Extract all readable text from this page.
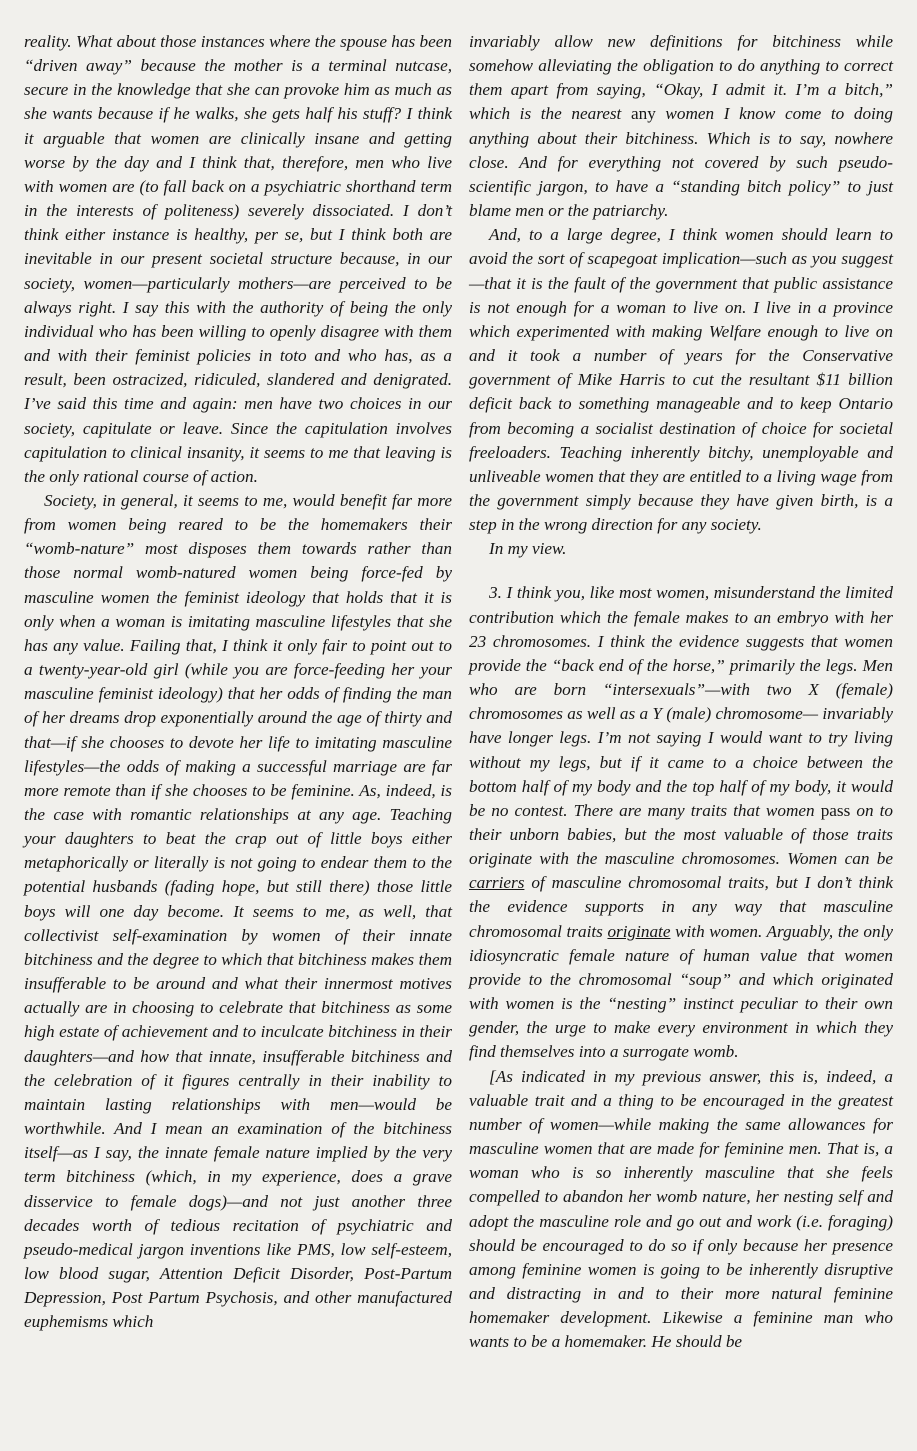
reality. What about those instances where the spouse has been “driven away” because the mother is a terminal nutcase, secure in the knowledge that she can provoke him as much as she wants because if he walks, she gets half his stuff? I think it arguable that women are clinically insane and getting worse by the day and I think that, therefore, men who live with women are (to fall back on a psychiatric shorthand term in the interests of politeness) severely dissociated. I don’t think either instance is healthy, per se, but I think both are inevitable in our present societal structure because, in our society, women—particularly mothers—are perceived to be always right. I say this with the authority of being the only individual who has been willing to openly disagree with them and with their feminist policies in toto and who has, as a result, been ostracized, ridiculed, slandered and denigrated. I’ve said this time and again: men have two choices in our society, capitulate or leave. Since the capitulation involves capitulation to clinical insanity, it seems to me that leaving is the only rational course of action.

Society, in general, it seems to me, would benefit far more from women being reared to be the homemakers their “womb-nature” most disposes them towards rather than those normal womb-natured women being force-fed by masculine women the feminist ideology that holds that it is only when a woman is imitating masculine lifestyles that she has any value. Failing that, I think it only fair to point out to a twenty-year-old girl (while you are force-feeding her your masculine feminist ideology) that her odds of finding the man of her dreams drop exponentially around the age of thirty and that—if she chooses to devote her life to imitating masculine lifestyles—the odds of making a successful marriage are far more remote than if she chooses to be feminine. As, indeed, is the case with romantic relationships at any age. Teaching your daughters to beat the crap out of little boys either metaphorically or literally is not going to endear them to the potential husbands (fading hope, but still there) those little boys will one day become. It seems to me, as well, that collectivist self-examination by women of their innate bitchiness and the degree to which that bitchiness makes them insufferable to be around and what their innermost motives actually are in choosing to celebrate that bitchiness as some high estate of achievement and to inculcate bitchiness in their daughters—and how that innate, insufferable bitchiness and the celebration of it figures centrally in their inability to maintain lasting relationships with men—would be worthwhile. And I mean an examination of the bitchiness itself—as I say, the innate female nature implied by the very term bitchiness (which, in my experience, does a grave disservice to female dogs)—and not just another three decades worth of tedious recitation of psychiatric and pseudo-medical jargon inventions like PMS, low self-esteem, low blood sugar, Attention Deficit Disorder, Post-Partum Depression, Post Partum Psychosis, and other manufactured euphemisms which

invariably allow new definitions for bitchiness while somehow alleviating the obligation to do anything to correct them apart from saying, “Okay, I admit it. I’m a bitch,” which is the nearest any women I know come to doing anything about their bitchiness. Which is to say, nowhere close. And for everything not covered by such pseudo-scientific jargon, to have a “standing bitch policy” to just blame men or the patriarchy.

And, to a large degree, I think women should learn to avoid the sort of scapegoat implication—such as you suggest—that it is the fault of the government that public assistance is not enough for a woman to live on. I live in a province which experimented with making Welfare enough to live on and it took a number of years for the Conservative government of Mike Harris to cut the resultant $11 billion deficit back to something manageable and to keep Ontario from becoming a socialist destination of choice for societal freeloaders. Teaching inherently bitchy, unemployable and unliveable women that they are entitled to a living wage from the government simply because they have given birth, is a step in the wrong direction for any society.

In my view.

3. I think you, like most women, misunderstand the limited contribution which the female makes to an embryo with her 23 chromosomes. I think the evidence suggests that women provide the “back end of the horse,” primarily the legs. Men who are born “intersexuals”—with two X (female) chromosomes as well as a Y (male) chromosome— invariably have longer legs. I’m not saying I would want to try living without my legs, but if it came to a choice between the bottom half of my body and the top half of my body, it would be no contest. There are many traits that women pass on to their unborn babies, but the most valuable of those traits originate with the masculine chromosomes. Women can be carriers of masculine chromosomal traits, but I don’t think the evidence supports in any way that masculine chromosomal traits originate with women. Arguably, the only idiosyncratic female nature of human value that women provide to the chromosomal “soup” and which originated with women is the “nesting” instinct peculiar to their own gender, the urge to make every environment in which they find themselves into a surrogate womb.

[As indicated in my previous answer, this is, indeed, a valuable trait and a thing to be encouraged in the greatest number of women—while making the same allowances for masculine women that are made for feminine men. That is, a woman who is so inherently masculine that she feels compelled to abandon her womb nature, her nesting self and adopt the masculine role and go out and work (i.e. foraging) should be encouraged to do so if only because her presence among feminine women is going to be inherently disruptive and distracting in and to their more natural feminine homemaker development. Likewise a feminine man who wants to be a homemaker. He should be
